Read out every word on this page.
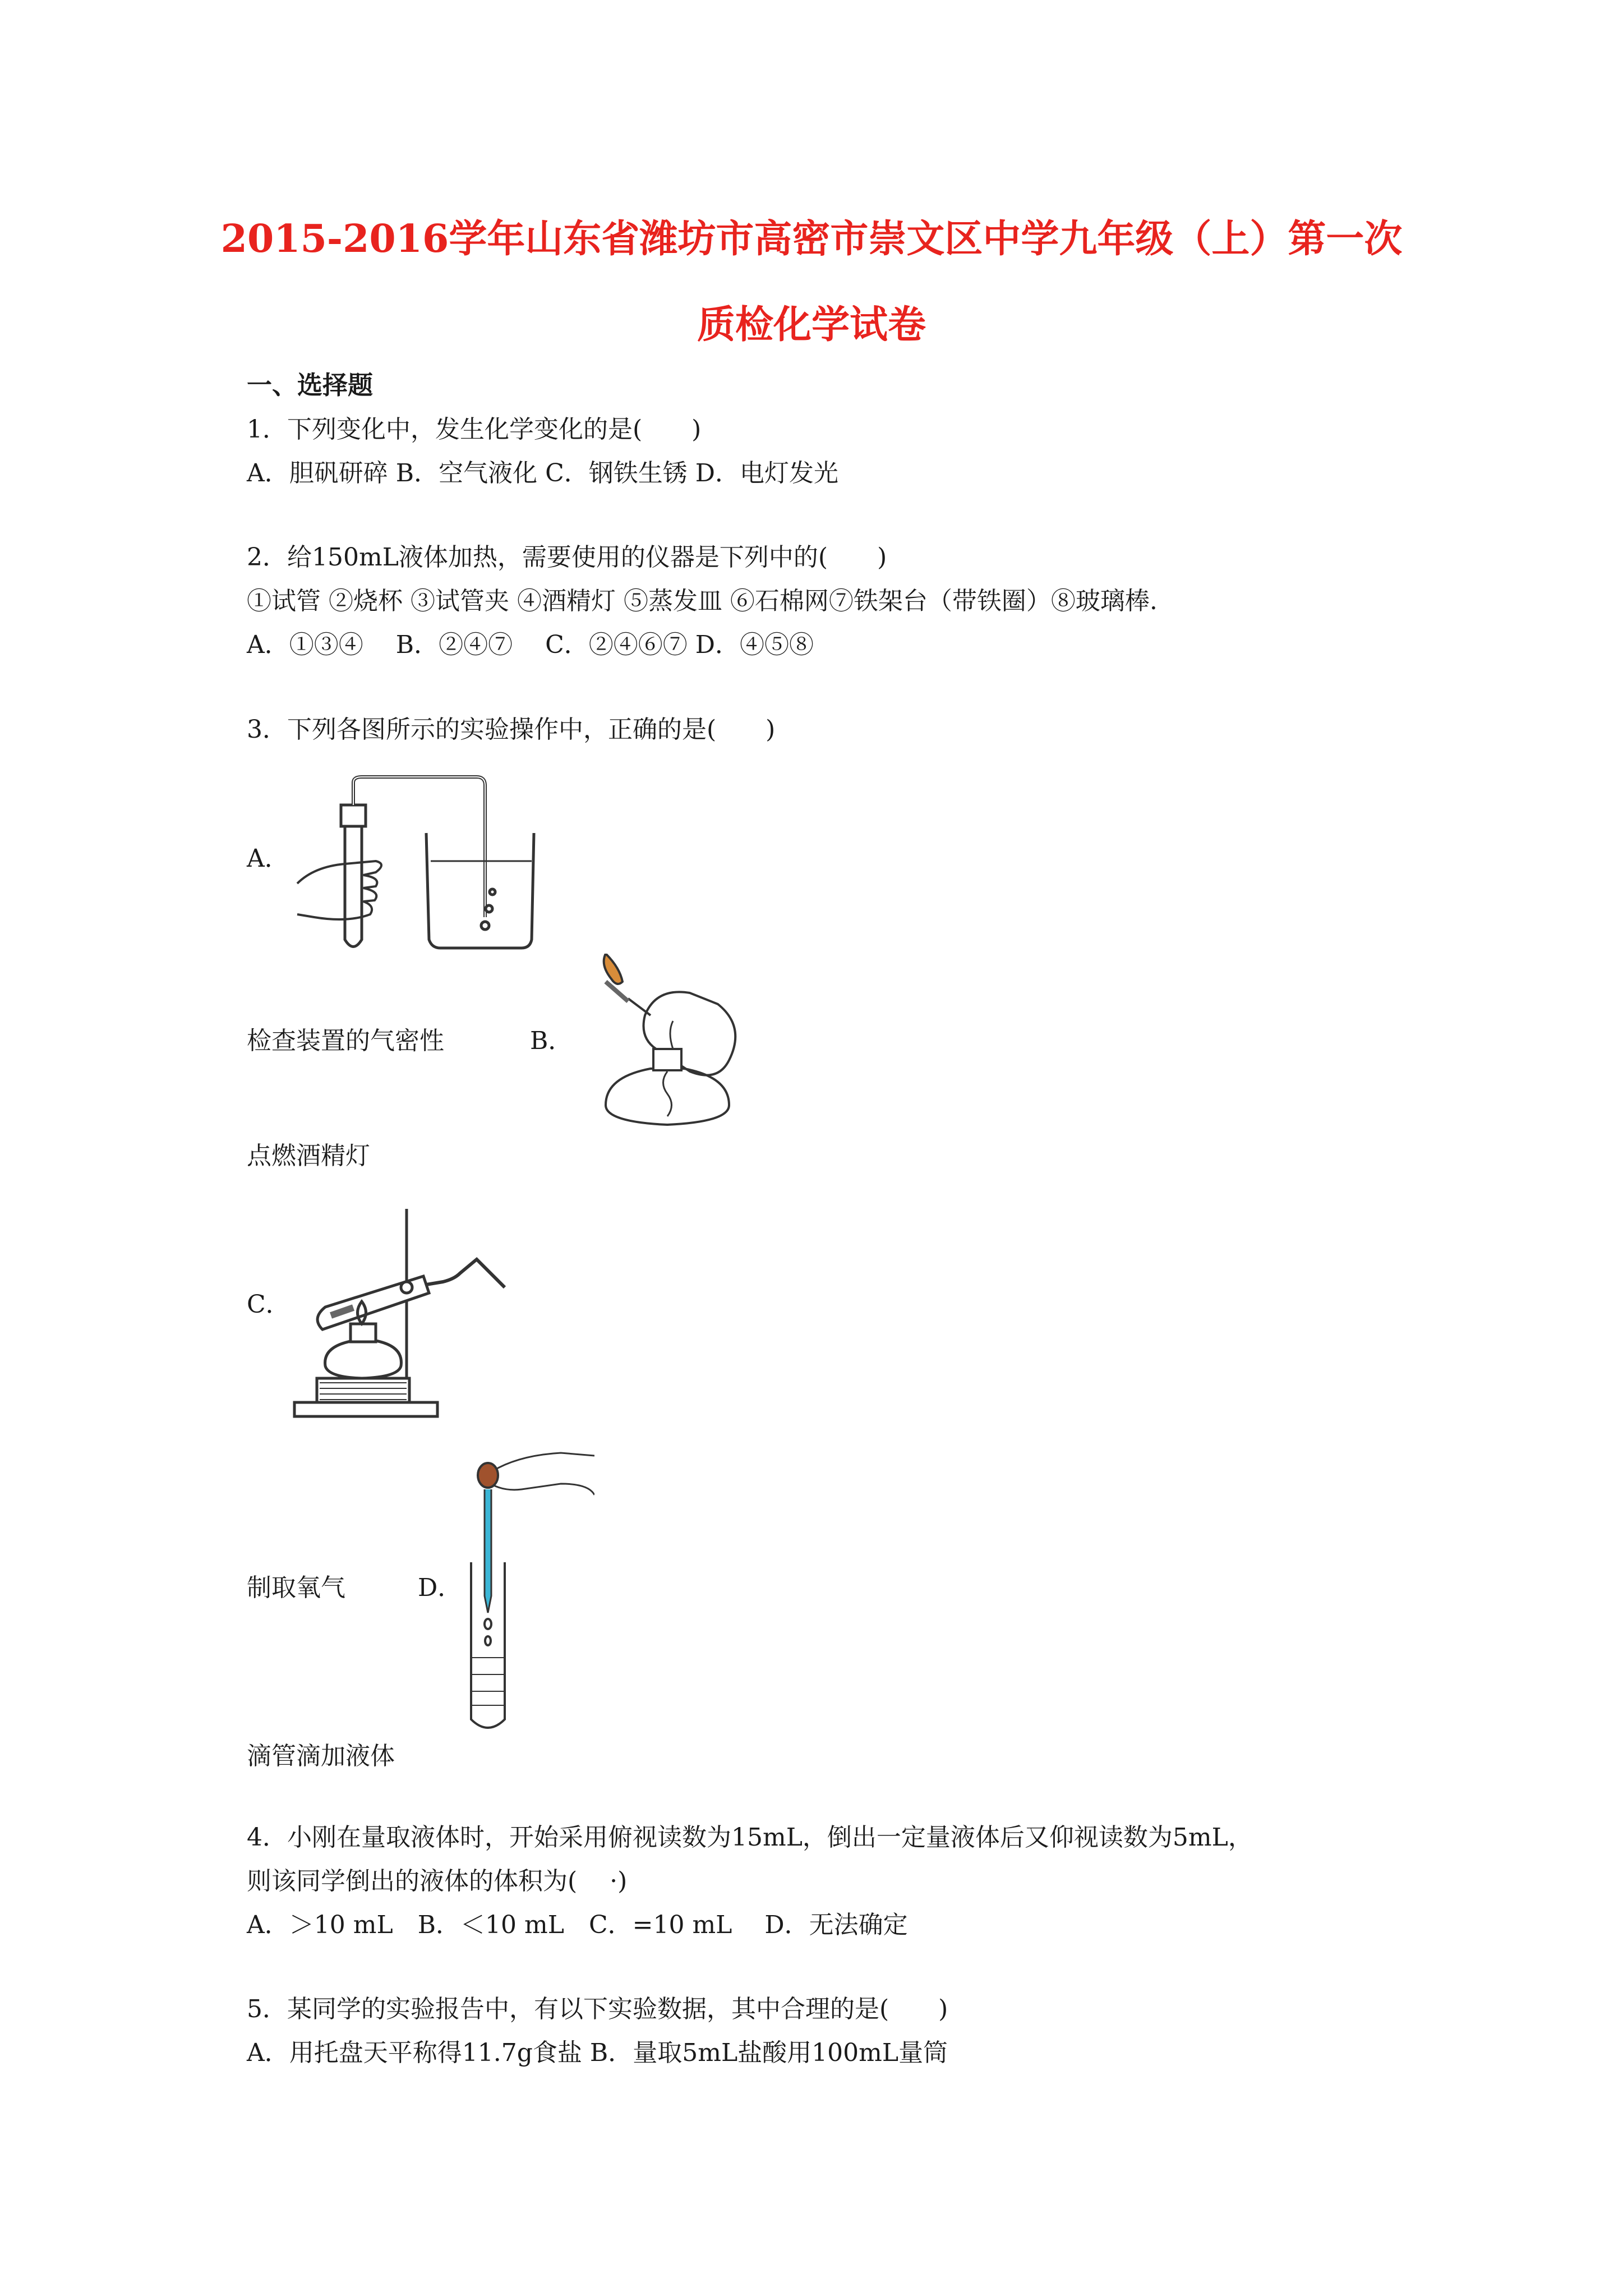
2015-2016学年山东省潍坊市高密市崇文区中学九年级（上）第一次
质检化学试卷
一、选择题
1．下列变化中，发生化学变化的是(　　)
A．胆矾研碎 B．空气液化 C．钢铁生锈 D．电灯发光
2．给150mL液体加热，需要使用的仪器是下列中的(　　)
①试管 ②烧杯 ③试管夹 ④酒精灯 ⑤蒸发皿 ⑥石棉网⑦铁架台（带铁圈）⑧玻璃棒.
A．①③④　 B．②④⑦　 C．②④⑥⑦ D．④⑤⑧
3．下列各图所示的实验操作中，正确的是(　　)
A．
检查装置的气密性	B．
点燃酒精灯
C．
制取氧气	D．
滴管滴加液体
4．小刚在量取液体时，开始采用俯视读数为15mL，倒出一定量液体后又仰视读数为5mL，
则该同学倒出的液体的体积为(　 ·)
A．＞10 mL　B．＜10 mL　C．=10 mL　 D．无法确定
5．某同学的实验报告中，有以下实验数据，其中合理的是(　　)
A．用托盘天平称得11.7g食盐 B．量取5mL盐酸用100mL量筒
